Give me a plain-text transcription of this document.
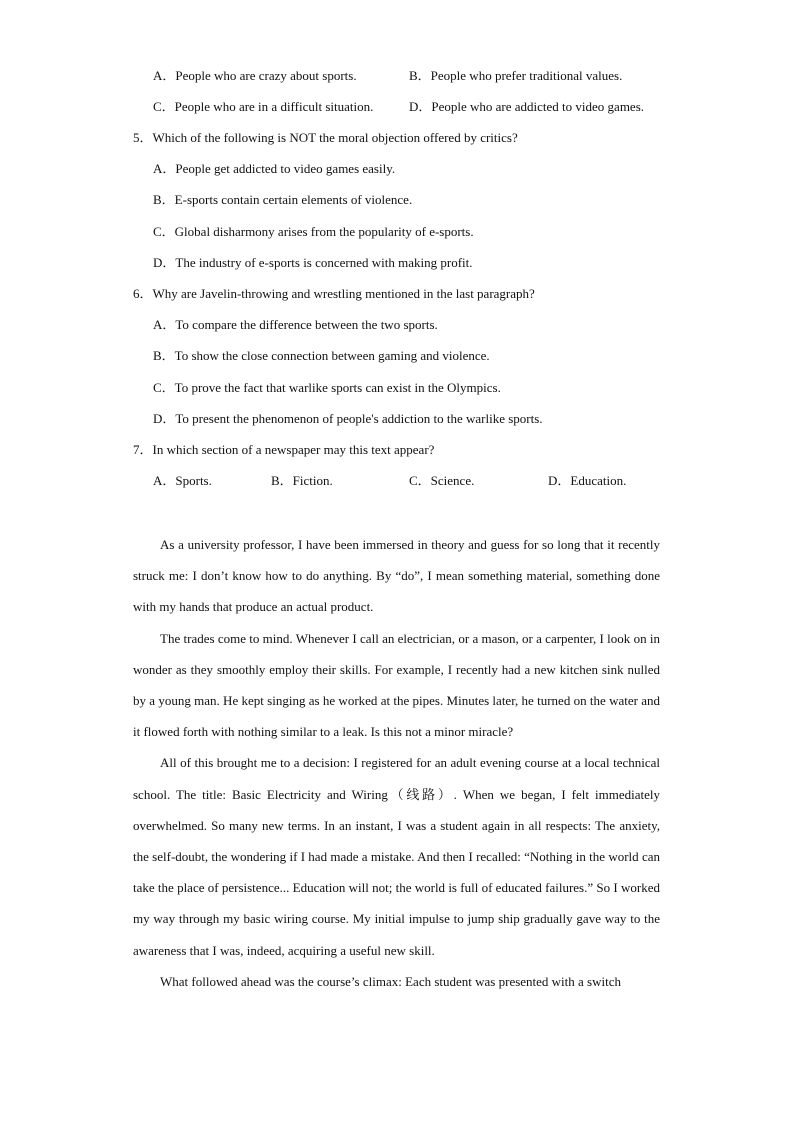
A．People who are crazy about sports.	B．People who prefer traditional values.
C．People who are in a difficult situation.	D．People who are addicted to video games.
5．Which of the following is NOT the moral objection offered by critics?
A．People get addicted to video games easily.
B．E-sports contain certain elements of violence.
C．Global disharmony arises from the popularity of e-sports.
D．The industry of e-sports is concerned with making profit.
6．Why are Javelin-throwing and wrestling mentioned in the last paragraph?
A．To compare the difference between the two sports.
B．To show the close connection between gaming and violence.
C．To prove the fact that warlike sports can exist in the Olympics.
D．To present the phenomenon of people's addiction to the warlike sports.
7．In which section of a newspaper may this text appear?
A．Sports.	B．Fiction.	C．Science.	D．Education.

As a university professor, I have been immersed in theory and guess for so long that it recently struck me: I don’t know how to do anything. By “do”, I mean something material, something done with my hands that produce an actual product.

The trades come to mind. Whenever I call an electrician, or a mason, or a carpenter, I look on in wonder as they smoothly employ their skills. For example, I recently had a new kitchen sink nulled by a young man. He kept singing as he worked at the pipes. Minutes later, he turned on the water and it flowed forth with nothing similar to a leak. Is this not a minor miracle?

All of this brought me to a decision: I registered for an adult evening course at a local technical school. The title: Basic Electricity and Wiring（线路）. When we began, I felt immediately overwhelmed. So many new terms. In an instant, I was a student again in all respects: The anxiety, the self-doubt, the wondering if I had made a mistake. And then I recalled: “Nothing in the world can take the place of persistence... Education will not; the world is full of educated failures.” So I worked my way through my basic wiring course. My initial impulse to jump ship gradually gave way to the awareness that I was, indeed, acquiring a useful new skill.

What followed ahead was the course’s climax: Each student was presented with a switch
